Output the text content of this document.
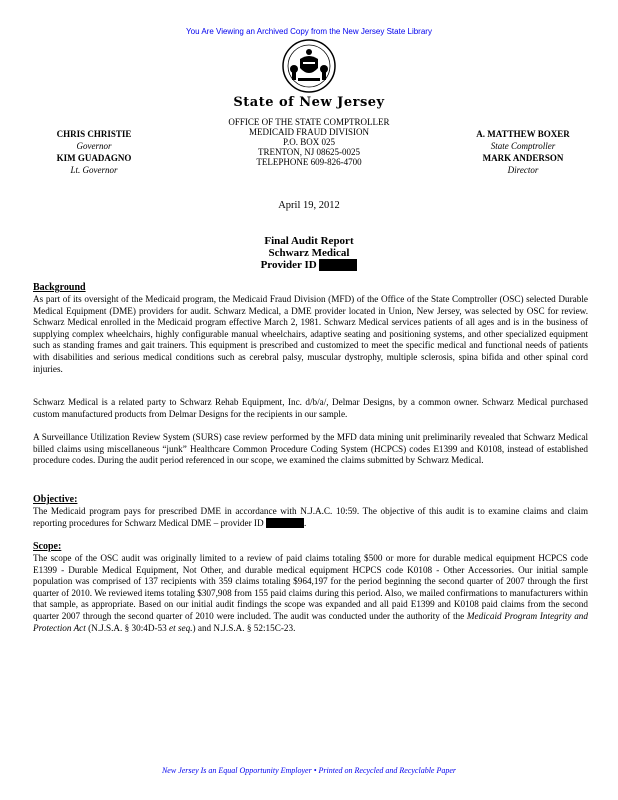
You Are Viewing an Archived Copy from the New Jersey State Library
State of New Jersey
CHRIS CHRISTIE
Governor
KIM GUADAGNO
Lt. Governor
OFFICE OF THE STATE COMPTROLLER
MEDICAID FRAUD DIVISION
P.O. BOX 025
TRENTON, NJ 08625-0025
TELEPHONE 609-826-4700
A. MATTHEW BOXER
State Comptroller
MARK ANDERSON
Director
April 19, 2012
Final Audit Report
Schwarz Medical
Provider ID
Background

As part of its oversight of the Medicaid program, the Medicaid Fraud Division (MFD) of the Office of the State Comptroller (OSC) selected Durable Medical Equipment (DME) providers for audit. Schwarz Medical, a DME provider located in Union, New Jersey, was selected by OSC for review. Schwarz Medical enrolled in the Medicaid program effective March 2, 1981. Schwarz Medical services patients of all ages and is in the business of supplying complex wheelchairs, highly configurable manual wheelchairs, adaptive seating and positioning systems, and other specialized equipment such as standing frames and gait trainers. This equipment is prescribed and customized to meet the specific medical and functional needs of patients with disabilities and serious medical conditions such as cerebral palsy, muscular dystrophy, multiple sclerosis, spina bifida and other spinal cord injuries.

Schwarz Medical is a related party to Schwarz Rehab Equipment, Inc. d/b/a/, Delmar Designs, by a common owner. Schwarz Medical purchased custom manufactured products from Delmar Designs for the recipients in our sample.

A Surveillance Utilization Review System (SURS) case review performed by the MFD data mining unit preliminarily revealed that Schwarz Medical billed claims using miscellaneous “junk” Healthcare Common Procedure Coding System (HCPCS) codes E1399 and K0108, instead of established procedure codes. During the audit period referenced in our scope, we examined the claims submitted by Schwarz Medical.

Objective:

The Medicaid program pays for prescribed DME in accordance with N.J.A.C. 10:59. The objective of this audit is to examine claims and claim reporting procedures for Schwarz Medical DME – provider ID	.

Scope:

The scope of the OSC audit was originally limited to a review of paid claims totaling $500 or more for durable medical equipment HCPCS code E1399 - Durable Medical Equipment, Not Other, and durable medical equipment HCPCS code K0108 - Other Accessories. Our initial sample population was comprised of 137 recipients with 359 claims totaling $964,197 for the period beginning the second quarter of 2007 through the first quarter of 2010. We reviewed items totaling $307,908 from 155 paid claims during this period. Also, we mailed confirmations to manufacturers within that sample, as appropriate. Based on our initial audit findings the scope was expanded and all paid E1399 and K0108 paid claims from the second quarter 2007 through the second quarter of 2010 were included. The audit was conducted under the authority of the Medicaid Program Integrity and Protection Act (N.J.S.A. § 30:4D-53 et seq.) and N.J.S.A. § 52:15C-23.

New Jersey Is an Equal Opportunity Employer • Printed on Recycled and Recyclable Paper
